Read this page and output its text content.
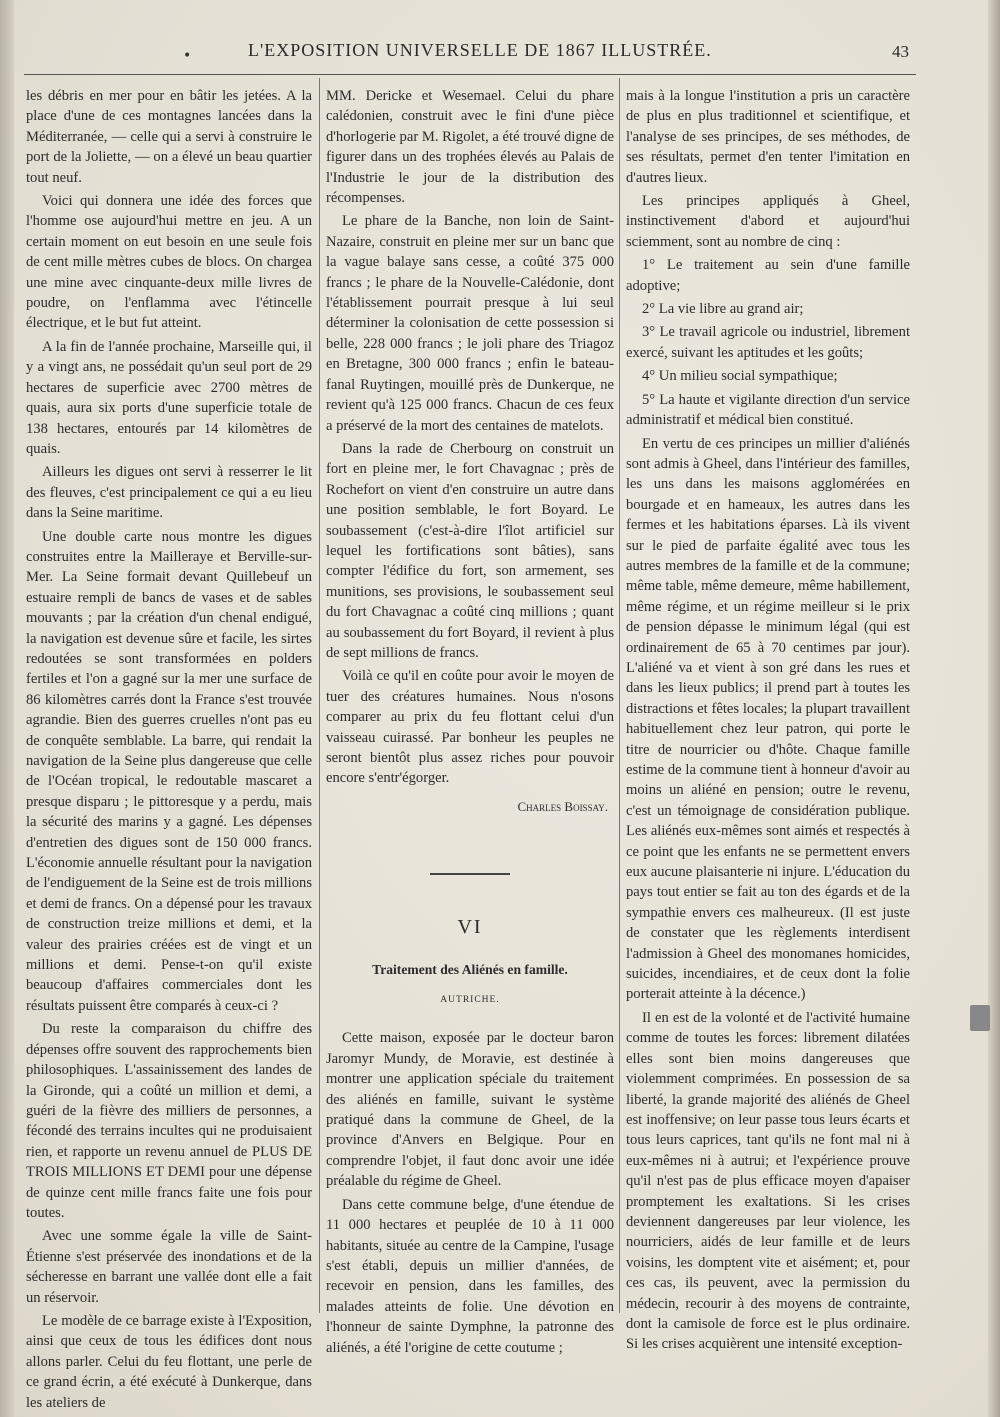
•	L'EXPOSITION UNIVERSELLE DE 1867 ILLUSTRÉE.	43

les débris en mer pour en bâtir les jetées. A la place d'une de ces montagnes lancées dans la Méditerranée, — celle qui a servi à construire le port de la Joliette, — on a élevé un beau quartier tout neuf.

Voici qui donnera une idée des forces que l'homme ose aujourd'hui mettre en jeu. A un certain moment on eut besoin en une seule fois de cent mille mètres cubes de blocs. On chargea une mine avec cinquante-deux mille livres de poudre, on l'enflamma avec l'étincelle électrique, et le but fut atteint.

A la fin de l'année prochaine, Marseille qui, il y a vingt ans, ne possédait qu'un seul port de 29 hectares de superficie avec 2700 mètres de quais, aura six ports d'une superficie totale de 138 hectares, entourés par 14 kilomètres de quais.

Ailleurs les digues ont servi à resserrer le lit des fleuves, c'est principalement ce qui a eu lieu dans la Seine maritime.

Une double carte nous montre les digues construites entre la Mailleraye et Berville-sur-Mer. La Seine formait devant Quillebeuf un estuaire rempli de bancs de vases et de sables mouvants ; par la création d'un chenal endigué, la navigation est devenue sûre et facile, les sirtes redoutées se sont transformées en polders fertiles et l'on a gagné sur la mer une surface de 86 kilomètres carrés dont la France s'est trouvée agrandie. Bien des guerres cruelles n'ont pas eu de conquête semblable. La barre, qui rendait la navigation de la Seine plus dangereuse que celle de l'Océan tropical, le redoutable mascaret a presque disparu ; le pittoresque y a perdu, mais la sécurité des marins y a gagné. Les dépenses d'entretien des digues sont de 150 000 francs. L'économie annuelle résultant pour la navigation de l'endiguement de la Seine est de trois millions et demi de francs. On a dépensé pour les travaux de construction treize millions et demi, et la valeur des prairies créées est de vingt et un millions et demi. Pense-t-on qu'il existe beaucoup d'affaires commerciales dont les résultats puissent être comparés à ceux-ci ?

Du reste la comparaison du chiffre des dépenses offre souvent des rapprochements bien philosophiques. L'assainissement des landes de la Gironde, qui a coûté un million et demi, a guéri de la fièvre des milliers de personnes, a fécondé des terrains incultes qui ne produisaient rien, et rapporte un revenu annuel de PLUS DE TROIS MILLIONS ET DEMI pour une dépense de quinze cent mille francs faite une fois pour toutes.

Avec une somme égale la ville de Saint-Étienne s'est préservée des inondations et de la sécheresse en barrant une vallée dont elle a fait un réservoir.

Le modèle de ce barrage existe à l'Exposition, ainsi que ceux de tous les édifices dont nous allons parler. Celui du feu flottant, une perle de ce grand écrin, a été exécuté à Dunkerque, dans les ateliers de

MM. Dericke et Wesemael. Celui du phare calédonien, construit avec le fini d'une pièce d'horlogerie par M. Rigolet, a été trouvé digne de figurer dans un des trophées élevés au Palais de l'Industrie le jour de la distribution des récompenses.

Le phare de la Banche, non loin de Saint-Nazaire, construit en pleine mer sur un banc que la vague balaye sans cesse, a coûté 375 000 francs ; le phare de la Nouvelle-Calédonie, dont l'établissement pourrait presque à lui seul déterminer la colonisation de cette possession si belle, 228 000 francs ; le joli phare des Triagoz en Bretagne, 300 000 francs ; enfin le bateau-fanal Ruytingen, mouillé près de Dunkerque, ne revient qu'à 125 000 francs. Chacun de ces feux a préservé de la mort des centaines de matelots.

Dans la rade de Cherbourg on construit un fort en pleine mer, le fort Chavagnac ; près de Rochefort on vient d'en construire un autre dans une position semblable, le fort Boyard. Le soubassement (c'est-à-dire l'îlot artificiel sur lequel les fortifications sont bâties), sans compter l'édifice du fort, son armement, ses munitions, ses provisions, le soubassement seul du fort Chavagnac a coûté cinq millions ; quant au soubassement du fort Boyard, il revient à plus de sept millions de francs.

Voilà ce qu'il en coûte pour avoir le moyen de tuer des créatures humaines. Nous n'osons comparer au prix du feu flottant celui d'un vaisseau cuirassé. Par bonheur les peuples ne seront bientôt plus assez riches pour pouvoir encore s'entr'égorger.

Charles Boissay.
VI
Traitement des Aliénés en famille.
AUTRICHE.

Cette maison, exposée par le docteur baron Jaromyr Mundy, de Moravie, est destinée à montrer une application spéciale du traitement des aliénés en famille, suivant le système pratiqué dans la commune de Gheel, de la province d'Anvers en Belgique. Pour en comprendre l'objet, il faut donc avoir une idée préalable du régime de Gheel.

Dans cette commune belge, d'une étendue de 11 000 hectares et peuplée de 10 à 11 000 habitants, située au centre de la Campine, l'usage s'est établi, depuis un millier d'années, de recevoir en pension, dans les familles, des malades atteints de folie. Une dévotion en l'honneur de sainte Dymphne, la patronne des aliénés, a été l'origine de cette coutume ;

mais à la longue l'institution a pris un caractère de plus en plus traditionnel et scientifique, et l'analyse de ses principes, de ses méthodes, de ses résultats, permet d'en tenter l'imitation en d'autres lieux.

Les principes appliqués à Gheel, instinctivement d'abord et aujourd'hui sciemment, sont au nombre de cinq :

1° Le traitement au sein d'une famille adoptive;

2° La vie libre au grand air;

3° Le travail agricole ou industriel, librement exercé, suivant les aptitudes et les goûts;

4° Un milieu social sympathique;

5° La haute et vigilante direction d'un service administratif et médical bien constitué.

En vertu de ces principes un millier d'aliénés sont admis à Gheel, dans l'intérieur des familles, les uns dans les maisons agglomérées en bourgade et en hameaux, les autres dans les fermes et les habitations éparses. Là ils vivent sur le pied de parfaite égalité avec tous les autres membres de la famille et de la commune; même table, même demeure, même habillement, même régime, et un régime meilleur si le prix de pension dépasse le minimum légal (qui est ordinairement de 65 à 70 centimes par jour). L'aliéné va et vient à son gré dans les rues et dans les lieux publics; il prend part à toutes les distractions et fêtes locales; la plupart travaillent habituellement chez leur patron, qui porte le titre de nourricier ou d'hôte. Chaque famille estime de la commune tient à honneur d'avoir au moins un aliéné en pension; outre le revenu, c'est un témoignage de considération publique. Les aliénés eux-mêmes sont aimés et respectés à ce point que les enfants ne se permettent envers eux aucune plaisanterie ni injure. L'éducation du pays tout entier se fait au ton des égards et de la sympathie envers ces malheureux. (Il est juste de constater que les règlements interdisent l'admission à Gheel des monomanes homicides, suicides, incendiaires, et de ceux dont la folie porterait atteinte à la décence.)

Il en est de la volonté et de l'activité humaine comme de toutes les forces: librement dilatées elles sont bien moins dangereuses que violemment comprimées. En possession de sa liberté, la grande majorité des aliénés de Gheel est inoffensive; on leur passe tous leurs écarts et tous leurs caprices, tant qu'ils ne font mal ni à eux-mêmes ni à autrui; et l'expérience prouve qu'il n'est pas de plus efficace moyen d'apaiser promptement les exaltations. Si les crises deviennent dangereuses par leur violence, les nourriciers, aidés de leur famille et de leurs voisins, les domptent vite et aisément; et, pour ces cas, ils peuvent, avec la permission du médecin, recourir à des moyens de contrainte, dont la camisole de force est le plus ordinaire. Si les crises acquièrent une intensité exception-
